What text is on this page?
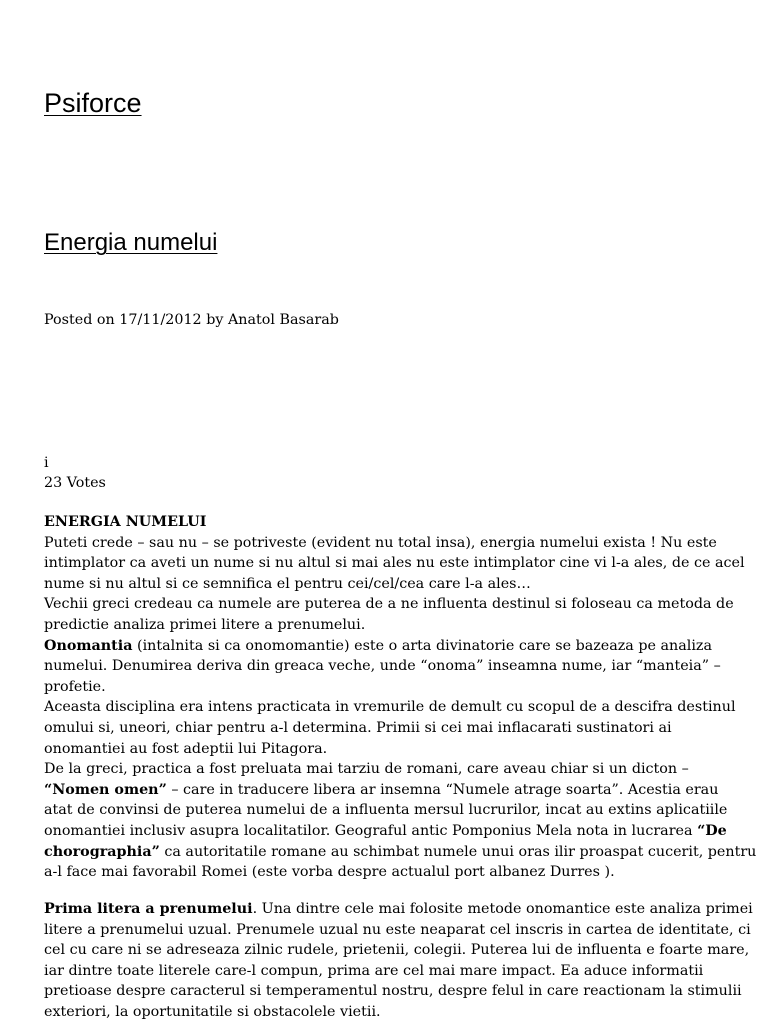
Psiforce
Energia numelui
Posted on 17/11/2012 by Anatol Basarab
i
23 Votes
ENERGIA NUMELUI
Puteti crede – sau nu – se potriveste (evident nu total insa), energia numelui exista ! Nu este
intimplator ca aveti un nume si nu altul si mai ales nu este intimplator cine vi l-a ales, de ce acel
nume si nu altul si ce semnifica el pentru cei/cel/cea care l-a ales…
Vechii greci credeau ca numele are puterea de a ne influenta destinul si foloseau ca metoda de
predictie analiza primei litere a prenumelui.
Onomantia (intalnita si ca onomomantie) este o arta divinatorie care se bazeaza pe analiza
numelui. Denumirea deriva din greaca veche, unde “onoma” inseamna nume, iar “manteia” –
profetie.
Aceasta disciplina era intens practicata in vremurile de demult cu scopul de a descifra destinul
omului si, uneori, chiar pentru a-l determina. Primii si cei mai inflacarati sustinatori ai
onomantiei au fost adeptii lui Pitagora.
De la greci, practica a fost preluata mai tarziu de romani, care aveau chiar si un dicton –
“Nomen omen” – care in traducere libera ar insemna “Numele atrage soarta”. Acestia erau
atat de convinsi de puterea numelui de a influenta mersul lucrurilor, incat au extins aplicatiile
onomantiei inclusiv asupra localitatilor. Geograful antic Pomponius Mela nota in lucrarea “De
chorographia” ca autoritatile romane au schimbat numele unui oras ilir proaspat cucerit, pentru
a-l face mai favorabil Romei (este vorba despre actualul port albanez Durres ).
Prima litera a prenumelui. Una dintre cele mai folosite metode onomantice este analiza primei
litere a prenumelui uzual. Prenumele uzual nu este neaparat cel inscris in cartea de identitate, ci
cel cu care ni se adreseaza zilnic rudele, prietenii, colegii. Puterea lui de influenta e foarte mare,
iar dintre toate literele care-l compun, prima are cel mai mare impact. Ea aduce informatii
pretioase despre caracterul si temperamentul nostru, despre felul in care reactionam la stimulii
exteriori, la oportunitatile si obstacolele vietii.
